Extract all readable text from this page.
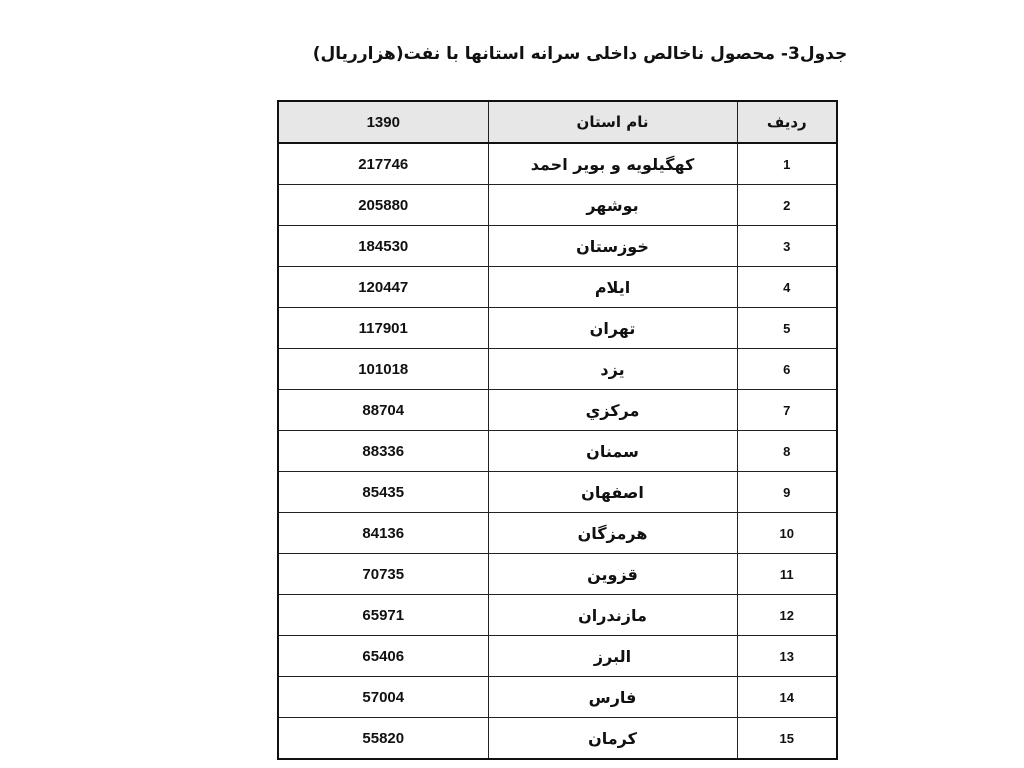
جدول3- محصول ناخالص داخلی سرانه استانها با نفت(هزارریال)
1390	نام استان	ردیف
217746	کهگیلویه و بویر احمد	1
205880	بوشهر	2
184530	خوزستان	3
120447	ایلام	4
117901	تهران	5
101018	یزد	6
88704	مركزي	7
88336	سمنان	8
85435	اصفهان	9
84136	هرمزگان	10
70735	قزوین	11
65971	مازندران	12
65406	البرز	13
57004	فارس	14
55820	کرمان	15
